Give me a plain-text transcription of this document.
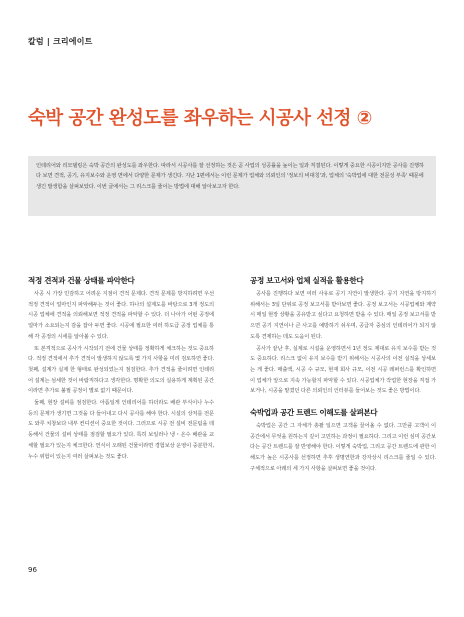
칼럼 | 크리에이트
숙박 공간 완성도를 좌우하는 시공사 선정 ②
인테리어와 리모델링은 숙박 공간의 완성도를 좌우한다. 따라서 시공사를 잘 선정하는 것은 곧 사업의 성공률을 높이는 일과 직결된다. 이렇게 중요한 시공이지만 공사를 진행하다 보면 견적, 공기, 유지보수와 운영 면에서 다양한 문제가 생긴다. 지난 1편에서는 이런 문제가 업체와 의뢰인의 '정보의 비대칭'과, 업체의 '숙박업에 대한 전문성 부족' 때문에 생긴 발생함을 살펴보았다. 이번 글에서는 그 리스크를 줄이는 방법에 대해 알아보고자 한다.
적정 견적과 건물 상태를 파악한다

사공 시 가장 민감하고 어려운 지점이 견적 문제다. 견적 문제를 방지하려면 우선 적정 견적이 얼마인지 파악해두는 것이 좋다. 하나의 설계도를 바탕으로 3개 정도의 시공 업체에 견적을 의뢰해보면 적정 견적을 파악할 수 있다. 더 나아가 어떤 공정에 얼마가 소요되는지 감을 잡아 두면 좋다. 시공에 필요한 여러 하도급 공정 업체를 통해 각 공정의 시세를 알아볼 수 있다.

또 본격적으로 공사가 시작되기 전에 건물 상태를 정확하게 체크하는 것도 중요하다. 적정 견적에서 추가 견적이 발생하지 않도록 몇 가지 사항을 미리 검토하면 좋다. 첫째, 설계가 실제 한 형태로 완성되었는지 점검한다. 추가 견적을 줄이려면 인테리어 설계는 섬세한 것이 바람직하다고 생각한다. 명확한 의도의 실용하게 계획된 공간이라면 추가로 불필 공정이 별로 없기 때문이다.

둘째, 현장 설비를 점검한다. 아픔일게 인테리어를 하더라도 배관 부식이나 누수 등의 문제가 생기면 그것을 다 들어내고 다시 공사를 해야 한다. 시설의 상처를 전문도 와루 치창보다 내부 컨디션이 중요한 것이다. 그러므로 시공 전 설비 전문팀을 데동해서 건물의 설비 상태를 점검할 필요가 있다. 특히 보일러나 냉・온수 배관을 교체할 필요가 있는지 체크한다. 연식이 오래된 건물이라면 경험보상 운영이 중분한지, 누수 위험이 있는지 여러 살펴보는 것도 좋다.

공정 보고서와 업체 실적을 활용한다

공사를 진행하다 보면 여러 사유로 공기 지연이 발생한다. 공기 지연을 방지하기 위해서는 3일 단위로 공정 보고서를 받아보면 좋다. 공정 보고서는 시공업체와 계약 시 매일 현장 상황을 공유받고 싶다고 요청하면 받을 수 있다. 매일 공정 보고서를 받으면 공기 지연이나 큰 사고를 예방하기 쉬우며, 공급자 중심의 인테리어가 되지 않도록 견제하는 데도 도움이 된다.

공사가 끝난 후, 실제로 시설을 운영하면서 1년 정도 제대로 유지 보수를 받는 것도 중요하다. 리스크 없이 유지 보수를 받기 위해서는 시공사의 이전 실적을 상세보는 게 좋다. 매출액, 시공 수 규모, 현재 회사 규모, 이전 시공 레퍼런스를 확인하면 이 업체가 앞으로 지속 가능할지 파악할 수 있다. 시공업체가 작업한 현장을 직접 가보거나, 시공을 맡겼던 다른 의뢰인의 인터뷰를 들어보는 것도 좋은 방법이다.

숙박업과 공간 트렌드 이해도를 살펴본다

숙박업은 공간 그 자체가 총괄 일으면 고객을 끌어올 수 없다. 그만큼 고객이 이 공간에서 무엇을 원하는지 깊이 고민하는 과정이 필요하다. 그리고 이런 심미 공간보다는 공간 트렌드를 잘 반영해야 한다. 이렇게 숙박업, 그리고 공간 트렌드에 관한 이해도가 높은 시공사를 선정하면 추후 생명연한과 강자상시 리스크를 줄일 수 있다. 구체적으로 아래의 세 가지 사항을 살펴보면 좋을 것이다.

96
